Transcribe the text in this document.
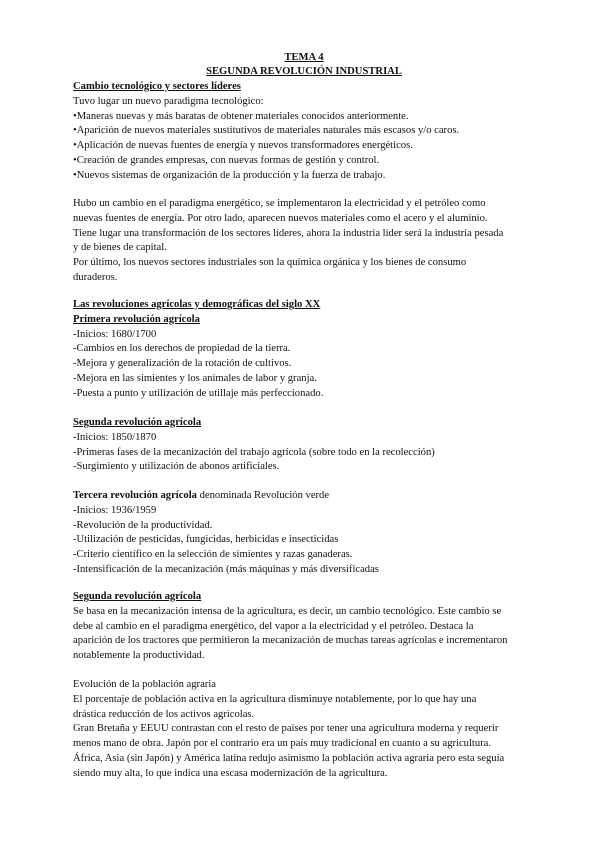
TEMA 4
SEGUNDA REVOLUCIÓN INDUSTRIAL
Cambio tecnológico y sectores líderes
Tuvo lugar un nuevo paradigma tecnológico:
•Maneras nuevas y más baratas de obtener materiales conocidos anteriormente.
•Aparición de nuevos materiales sustitutivos de materiales naturales más escasos y/o caros.
•Aplicación de nuevas fuentes de energía y nuevos transformadores energéticos.
•Creación de grandes empresas, con nuevas formas de gestión y control.
•Nuevos sistemas de organización de la producción y la fuerza de trabajo.
Hubo un cambio en el paradigma energético, se implementaron la electricidad y el petróleo como
nuevas fuentes de energía. Por otro lado, aparecen nuevos materiales como el acero y el aluminio.
Tiene lugar una transformación de los sectores líderes, ahora la industria líder será la industria pesada
y de bienes de capital.
Por último, los nuevos sectores industriales son la química orgánica y los bienes de consumo
duraderos.
Las revoluciones agrícolas y demográficas del siglo XX
Primera revolución agrícola
-Inicios: 1680/1700
-Cambios en los derechos de propiedad de la tierra.
-Mejora y generalización de la rotación de cultivos.
-Mejora en las simientes y los animales de labor y granja.
-Puesta a punto y utilización de utillaje más perfeccionado.
Segunda revolución agrícola
-Inicios: 1850/1870
-Primeras fases de la mecanización del trabajo agrícola (sobre todo en la recolección)
-Surgimiento y utilización de abonos artificiales.
Tercera revolución agrícola denominada Revolución verde
-Inicios: 1936/1959
-Revolución de la productividad.
-Utilización de pesticidas, fungicidas, herbicidas e insecticidas
-Criterio científico en la selección de simientes y razas ganaderas.
-Intensificación de la mecanización (más máquinas y más diversificadas
Segunda revolución agrícola
Se basa en la mecanización intensa de la agricultura, es decir, un cambio tecnológico. Este cambio se
debe al cambio en el paradigma energético, del vapor a la electricidad y el petróleo. Destaca la
aparición de los tractores que permitieron la mecanización de muchas tareas agrícolas e incrementaron
notablemente la productividad.
Evolución de la población agraria
El porcentaje de población activa en la agricultura disminuye notablemente, por lo que hay una
drástica reducción de los activos agrícolas.
Gran Bretaña y EEUU contrastan con el resto de países por tener una agricultura moderna y requerir
menos mano de obra. Japón por el contrario era un país muy tradicional en cuanto a su agricultura.
África, Asia (sin Japón) y América latina redujo asimismo la población activa agraria pero esta seguía
siendo muy alta, lo que indica una escasa modernización de la agricultura.
